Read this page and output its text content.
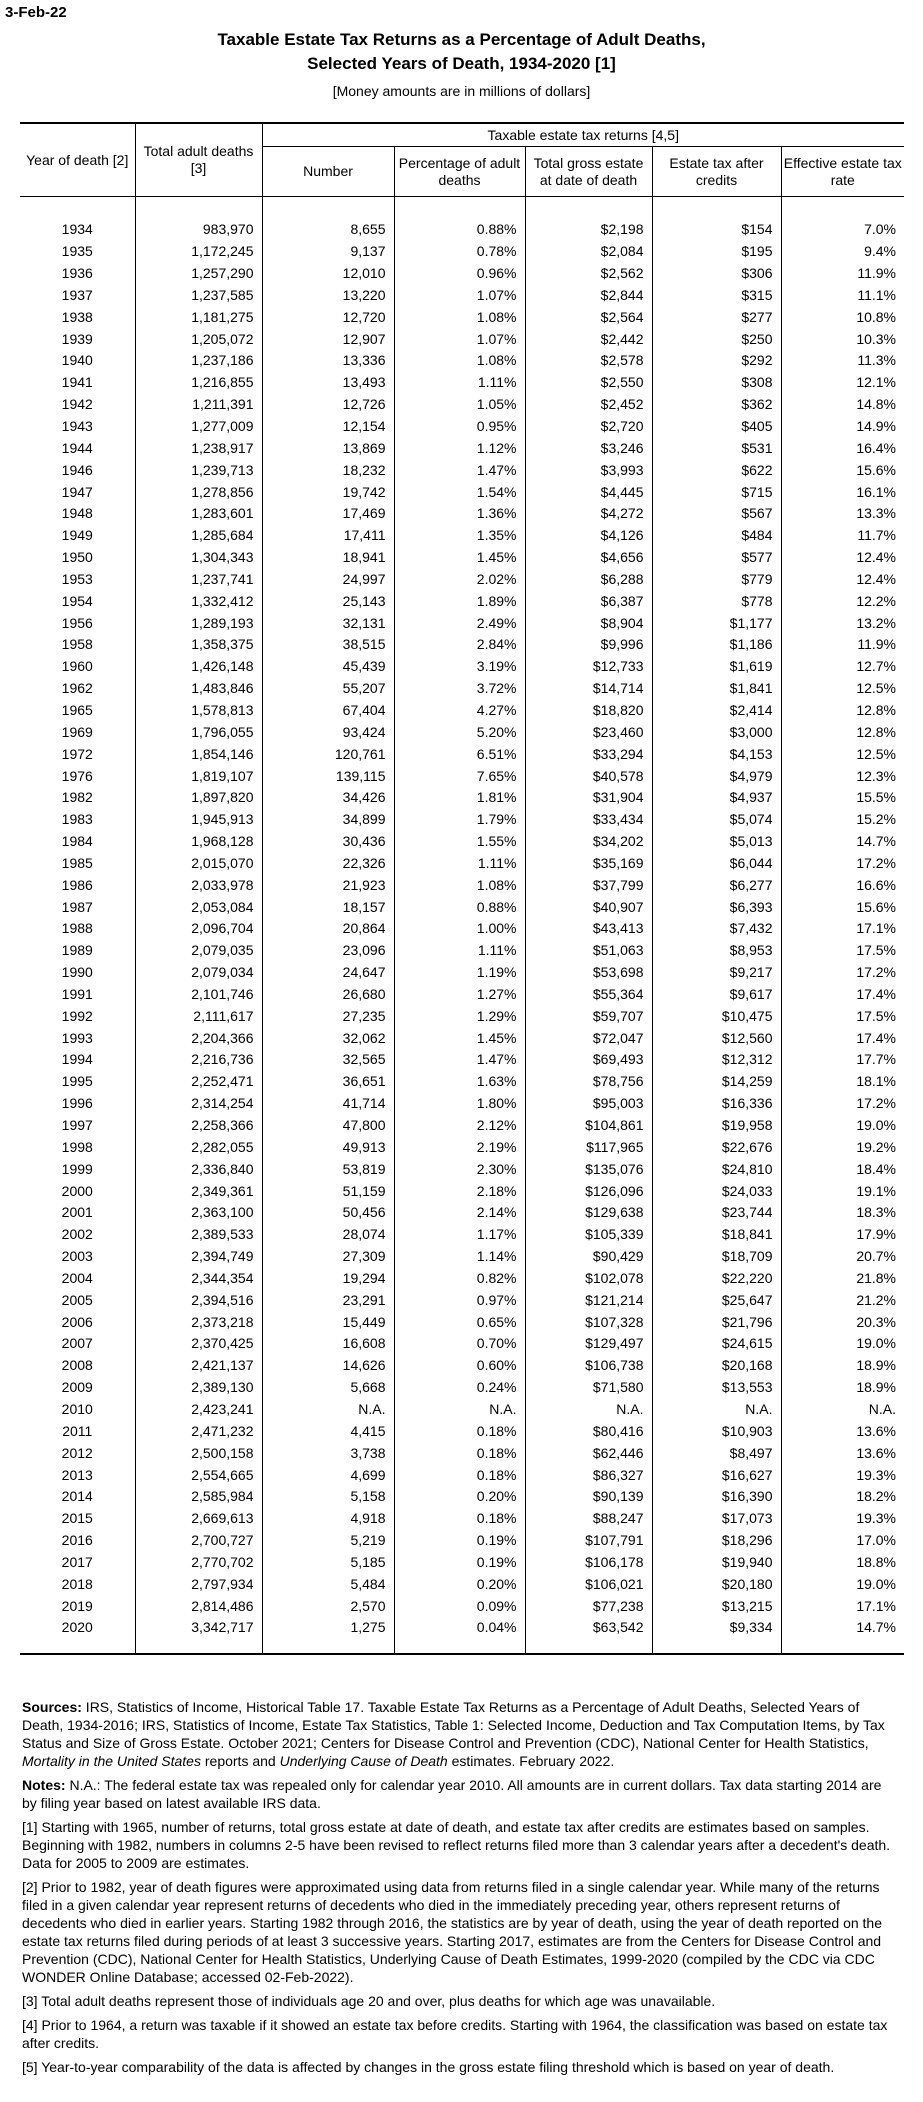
3-Feb-22
Taxable Estate Tax Returns as a Percentage of Adult Deaths,
Selected Years of Death, 1934-2020 [1]
[Money amounts are in millions of dollars]
Year of death [2]	Total adult deaths [3]	Taxable estate tax returns [4,5]				
		Number	Percentage of adult deaths	Total gross estate at date of death	Estate tax after credits	Effective estate tax rate

1934	983,970	8,655	0.88%	$2,198	$154	7.0%
1935	1,172,245	9,137	0.78%	$2,084	$195	9.4%
1936	1,257,290	12,010	0.96%	$2,562	$306	11.9%
1937	1,237,585	13,220	1.07%	$2,844	$315	11.1%
1938	1,181,275	12,720	1.08%	$2,564	$277	10.8%
1939	1,205,072	12,907	1.07%	$2,442	$250	10.3%
1940	1,237,186	13,336	1.08%	$2,578	$292	11.3%
1941	1,216,855	13,493	1.11%	$2,550	$308	12.1%
1942	1,211,391	12,726	1.05%	$2,452	$362	14.8%
1943	1,277,009	12,154	0.95%	$2,720	$405	14.9%
1944	1,238,917	13,869	1.12%	$3,246	$531	16.4%
1946	1,239,713	18,232	1.47%	$3,993	$622	15.6%
1947	1,278,856	19,742	1.54%	$4,445	$715	16.1%
1948	1,283,601	17,469	1.36%	$4,272	$567	13.3%
1949	1,285,684	17,411	1.35%	$4,126	$484	11.7%
1950	1,304,343	18,941	1.45%	$4,656	$577	12.4%
1953	1,237,741	24,997	2.02%	$6,288	$779	12.4%
1954	1,332,412	25,143	1.89%	$6,387	$778	12.2%
1956	1,289,193	32,131	2.49%	$8,904	$1,177	13.2%
1958	1,358,375	38,515	2.84%	$9,996	$1,186	11.9%
1960	1,426,148	45,439	3.19%	$12,733	$1,619	12.7%
1962	1,483,846	55,207	3.72%	$14,714	$1,841	12.5%
1965	1,578,813	67,404	4.27%	$18,820	$2,414	12.8%
1969	1,796,055	93,424	5.20%	$23,460	$3,000	12.8%
1972	1,854,146	120,761	6.51%	$33,294	$4,153	12.5%
1976	1,819,107	139,115	7.65%	$40,578	$4,979	12.3%
1982	1,897,820	34,426	1.81%	$31,904	$4,937	15.5%
1983	1,945,913	34,899	1.79%	$33,434	$5,074	15.2%
1984	1,968,128	30,436	1.55%	$34,202	$5,013	14.7%
1985	2,015,070	22,326	1.11%	$35,169	$6,044	17.2%
1986	2,033,978	21,923	1.08%	$37,799	$6,277	16.6%
1987	2,053,084	18,157	0.88%	$40,907	$6,393	15.6%
1988	2,096,704	20,864	1.00%	$43,413	$7,432	17.1%
1989	2,079,035	23,096	1.11%	$51,063	$8,953	17.5%
1990	2,079,034	24,647	1.19%	$53,698	$9,217	17.2%
1991	2,101,746	26,680	1.27%	$55,364	$9,617	17.4%
1992	2,111,617	27,235	1.29%	$59,707	$10,475	17.5%
1993	2,204,366	32,062	1.45%	$72,047	$12,560	17.4%
1994	2,216,736	32,565	1.47%	$69,493	$12,312	17.7%
1995	2,252,471	36,651	1.63%	$78,756	$14,259	18.1%
1996	2,314,254	41,714	1.80%	$95,003	$16,336	17.2%
1997	2,258,366	47,800	2.12%	$104,861	$19,958	19.0%
1998	2,282,055	49,913	2.19%	$117,965	$22,676	19.2%
1999	2,336,840	53,819	2.30%	$135,076	$24,810	18.4%
2000	2,349,361	51,159	2.18%	$126,096	$24,033	19.1%
2001	2,363,100	50,456	2.14%	$129,638	$23,744	18.3%
2002	2,389,533	28,074	1.17%	$105,339	$18,841	17.9%
2003	2,394,749	27,309	1.14%	$90,429	$18,709	20.7%
2004	2,344,354	19,294	0.82%	$102,078	$22,220	21.8%
2005	2,394,516	23,291	0.97%	$121,214	$25,647	21.2%
2006	2,373,218	15,449	0.65%	$107,328	$21,796	20.3%
2007	2,370,425	16,608	0.70%	$129,497	$24,615	19.0%
2008	2,421,137	14,626	0.60%	$106,738	$20,168	18.9%
2009	2,389,130	5,668	0.24%	$71,580	$13,553	18.9%
2010	2,423,241	N.A.	N.A.	N.A.	N.A.	N.A.
2011	2,471,232	4,415	0.18%	$80,416	$10,903	13.6%
2012	2,500,158	3,738	0.18%	$62,446	$8,497	13.6%
2013	2,554,665	4,699	0.18%	$86,327	$16,627	19.3%
2014	2,585,984	5,158	0.20%	$90,139	$16,390	18.2%
2015	2,669,613	4,918	0.18%	$88,247	$17,073	19.3%
2016	2,700,727	5,219	0.19%	$107,791	$18,296	17.0%
2017	2,770,702	5,185	0.19%	$106,178	$19,940	18.8%
2018	2,797,934	5,484	0.20%	$106,021	$20,180	19.0%
2019	2,814,486	2,570	0.09%	$77,238	$13,215	17.1%
2020	3,342,717	1,275	0.04%	$63,542	$9,334	14.7%

Sources: IRS, Statistics of Income, Historical Table 17. Taxable Estate Tax Returns as a Percentage of Adult Deaths, Selected Years of Death, 1934-2016; IRS, Statistics of Income, Estate Tax Statistics, Table 1: Selected Income, Deduction and Tax Computation Items, by Tax Status and Size of Gross Estate. October 2021; Centers for Disease Control and Prevention (CDC), National Center for Health Statistics, Mortality in the United States reports and Underlying Cause of Death estimates. February 2022.

Notes: N.A.: The federal estate tax was repealed only for calendar year 2010. All amounts are in current dollars. Tax data starting 2014 are by filing year based on latest available IRS data.

[1] Starting with 1965, number of returns, total gross estate at date of death, and estate tax after credits are estimates based on samples. Beginning with 1982, numbers in columns 2-5 have been revised to reflect returns filed more than 3 calendar years after a decedent's death. Data for 2005 to 2009 are estimates.

[2] Prior to 1982, year of death figures were approximated using data from returns filed in a single calendar year. While many of the returns filed in a given calendar year represent returns of decedents who died in the immediately preceding year, others represent returns of decedents who died in earlier years. Starting 1982 through 2016, the statistics are by year of death, using the year of death reported on the estate tax returns filed during periods of at least 3 successive years. Starting 2017, estimates are from the Centers for Disease Control and Prevention (CDC), National Center for Health Statistics, Underlying Cause of Death Estimates, 1999-2020 (compiled by the CDC via CDC WONDER Online Database; accessed 02-Feb-2022).

[3] Total adult deaths represent those of individuals age 20 and over, plus deaths for which age was unavailable.

[4] Prior to 1964, a return was taxable if it showed an estate tax before credits. Starting with 1964, the classification was based on estate tax after credits.

[5] Year-to-year comparability of the data is affected by changes in the gross estate filing threshold which is based on year of death.
